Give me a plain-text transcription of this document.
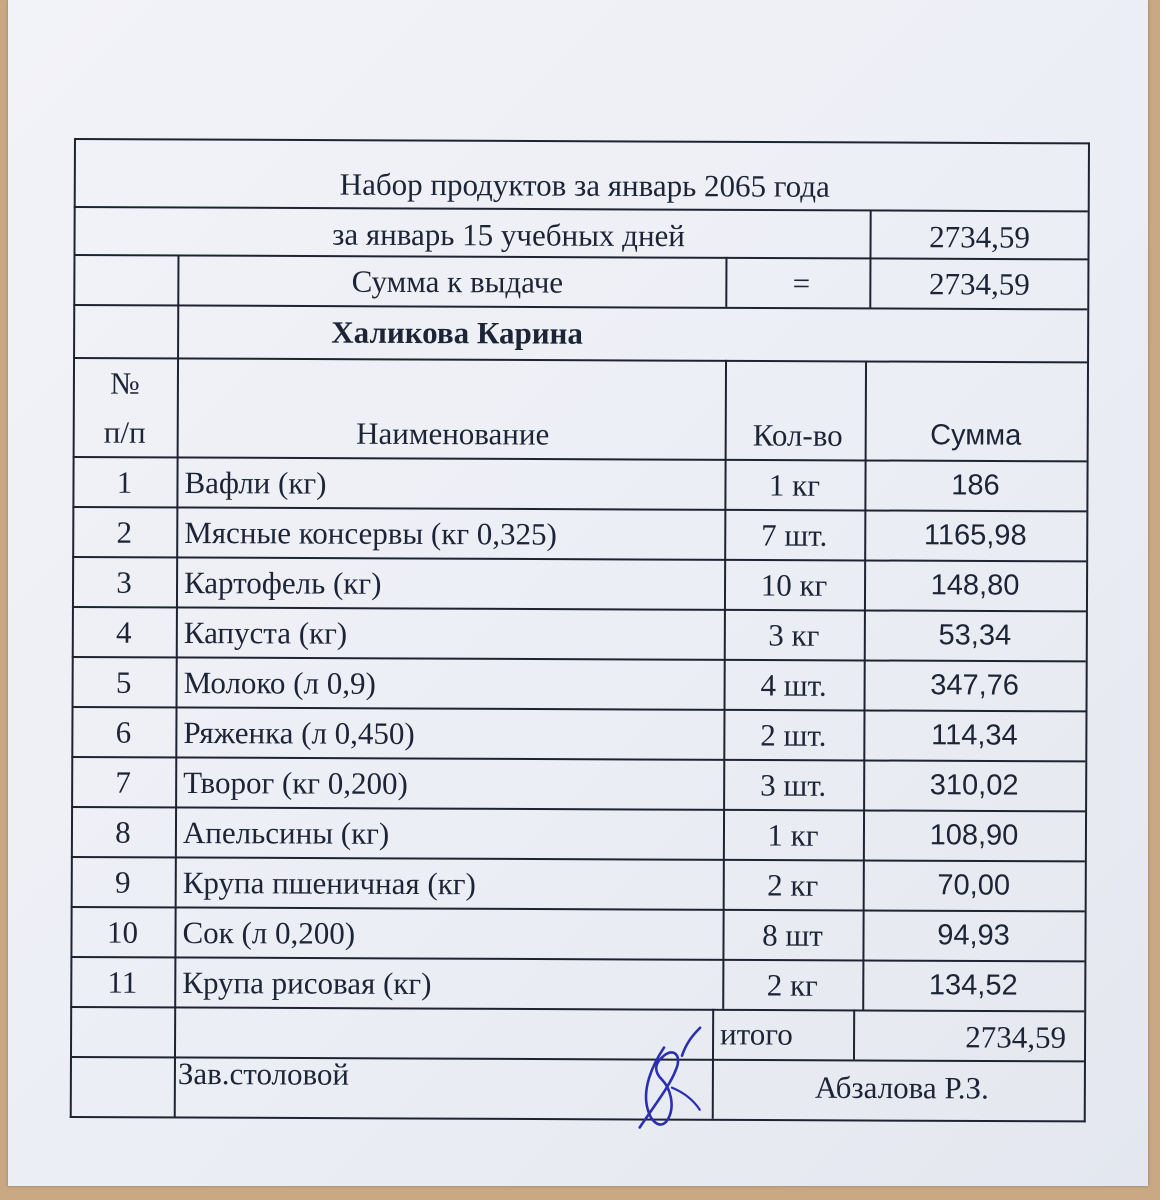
Набор продуктов за январь 2065 года
за январь 15 учебных дней	2734,59
Сумма к выдаче	=	2734,59
Халикова Карина
№
п/п	Наименование	Кол-во	Сумма
1 Вафли (кг)	1 кг	186
2 Мясные консервы (кг 0,325)	7 шт.	1165,98
3 Картофель (кг)	10 кг	148,80
4 Капуста (кг)	3 кг	53,34
5 Молоко (л 0,9)	4 шт.	347,76
6 Ряженка (л 0,450)	2 шт.	114,34
7 Творог (кг 0,200)	3 шт.	310,02
8 Апельсины (кг)	1 кг	108,90
9 Крупа пшеничная (кг)	2 кг	70,00
10 Сок (л 0,200)	8 шт	94,93
11 Крупа рисовая (кг)	2 кг	134,52
итого	2734,59
Зав.столовой	Абзалова Р.З.
